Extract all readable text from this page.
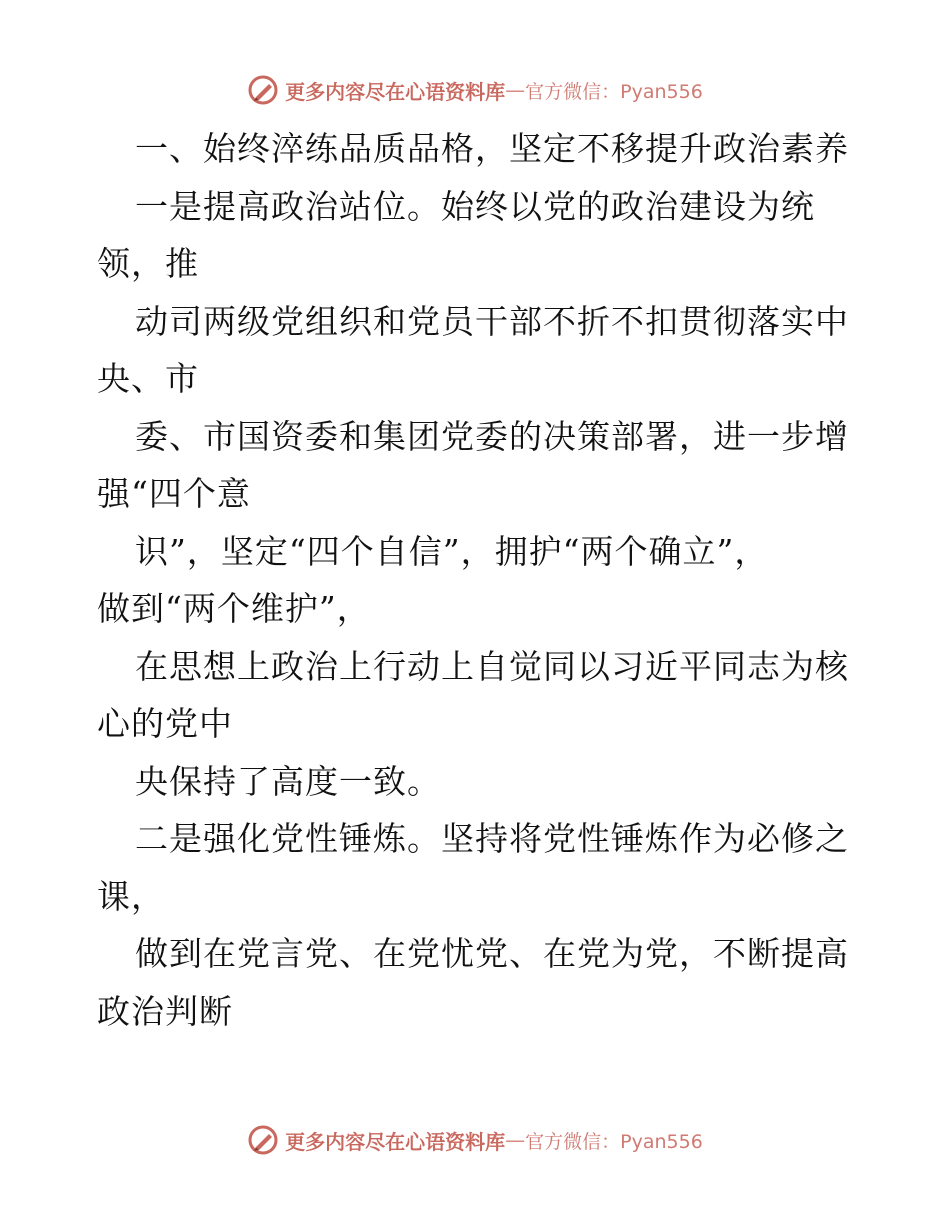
更多内容尽在心语资料库 — 官方微信：Pyan556
一、始终淬练品质品格，坚定不移提升政治素养
一是提高政治站位。始终以党的政治建设为统
领，推
动司两级党组织和党员干部不折不扣贯彻落实中
央、市
委、市国资委和集团党委的决策部署，进一步增
强“四个意
识”，坚定“四个自信”，拥护“两个确立”，
做到“两个维护”，
在思想上政治上行动上自觉同以习近平同志为核
心的党中
央保持了高度一致。
二是强化党性锤炼。坚持将党性锤炼作为必修之
课，
做到在党言党、在党忧党、在党为党，不断提高
政治判断
更多内容尽在心语资料库 — 官方微信：Pyan556
